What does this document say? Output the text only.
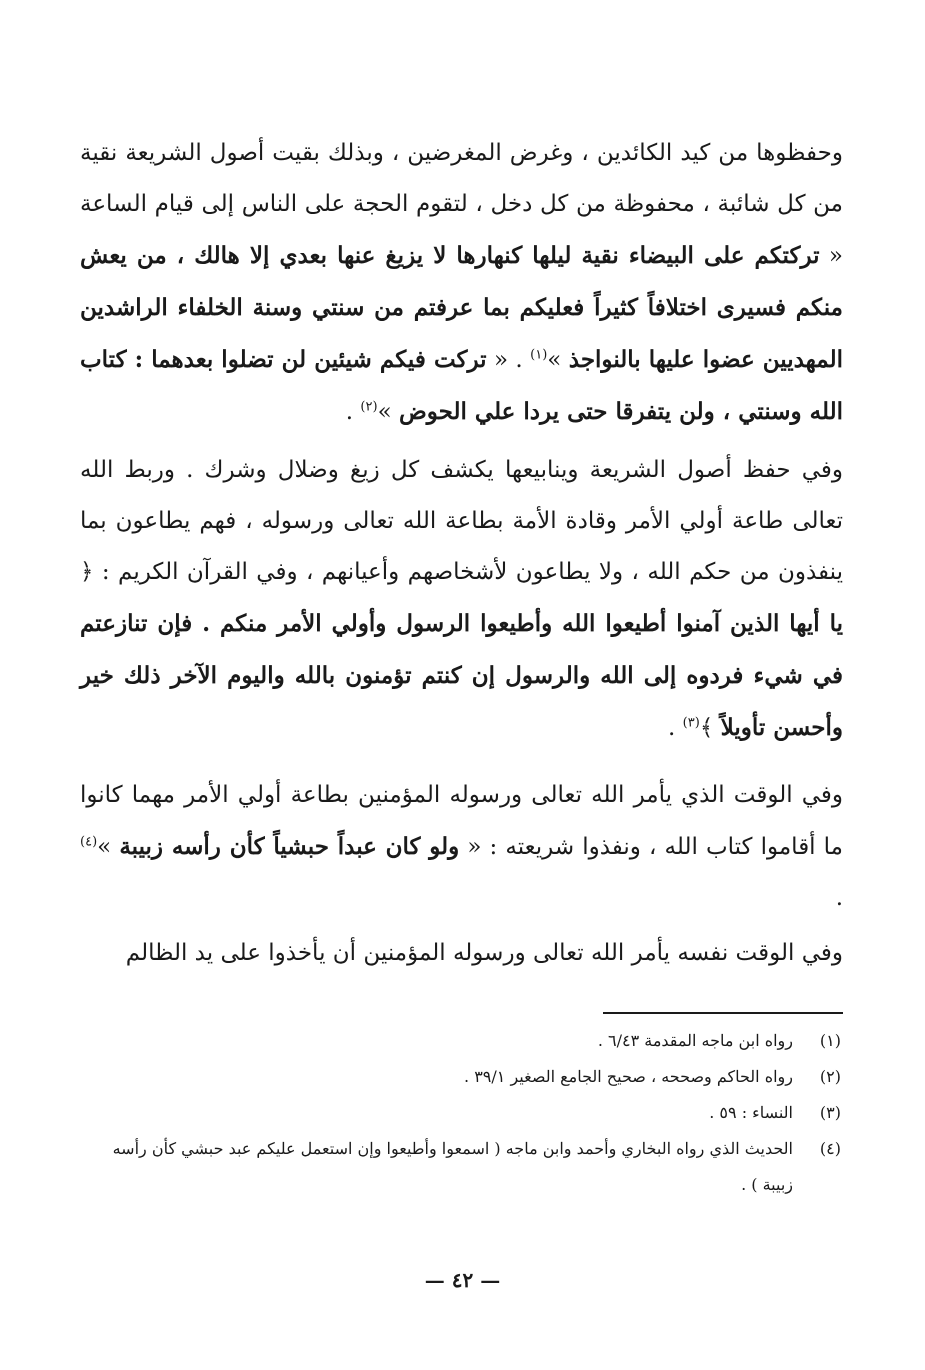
وحفظوها من كيد الكائدين ، وغرض المغرضين ، وبذلك بقيت أصول الشريعة نقية من كل شائبة ، محفوظة من كل دخل ، لتقوم الحجة على الناس إلى قيام الساعة « تركتكم على البيضاء نقية ليلها كنهارها لا يزيغ عنها بعدي إلا هالك ، من يعش منكم فسيرى اختلافاً كثيراً فعليكم بما عرفتم من سنتي وسنة الخلفاء الراشدين المهديين عضوا عليها بالنواجذ »$^{(١)}$ . « تركت فيكم شيئين لن تضلوا بعدهما : كتاب الله وسنتي ، ولن يتفرقا حتى يردا علي الحوض »$^{(٢)}$ .

وفي حفظ أصول الشريعة وينابيعها يكشف كل زيغ وضلال وشرك . وربط الله تعالى طاعة أولي الأمر وقادة الأمة بطاعة الله تعالى ورسوله ، فهم يطاعون بما ينفذون من حكم الله ، ولا يطاعون لأشخاصهم وأعيانهم ، وفي القرآن الكريم : ﴿ يا أيها الذين آمنوا أطيعوا الله وأطيعوا الرسول وأولي الأمر منكم . فإن تنازعتم في شيء فردوه إلى الله والرسول إن كنتم تؤمنون بالله واليوم الآخر ذلك خير وأحسن تأويلاً ﴾$^{(٣)}$ .

وفي الوقت الذي يأمر الله تعالى ورسوله المؤمنين بطاعة أولي الأمر مهما كانوا ما أقاموا كتاب الله ، ونفذوا شريعته : « ولو كان عبداً حبشياً كأن رأسه زبيبة »$^{(٤)}$ .

وفي الوقت نفسه يأمر الله تعالى ورسوله المؤمنين أن يأخذوا على يد الظالم

(١)
رواه ابن ماجه المقدمة ٦/٤٣ .
(٢)
رواه الحاكم وصححه ، صحيح الجامع الصغير ٣٩/١ .
(٣)
النساء : ٥٩ .
(٤)
الحديث الذي رواه البخاري وأحمد وابن ماجه ( اسمعوا وأطيعوا وإن استعمل عليكم عبد حبشي كأن رأسه زبيبة ) .
— ٤٢ —
